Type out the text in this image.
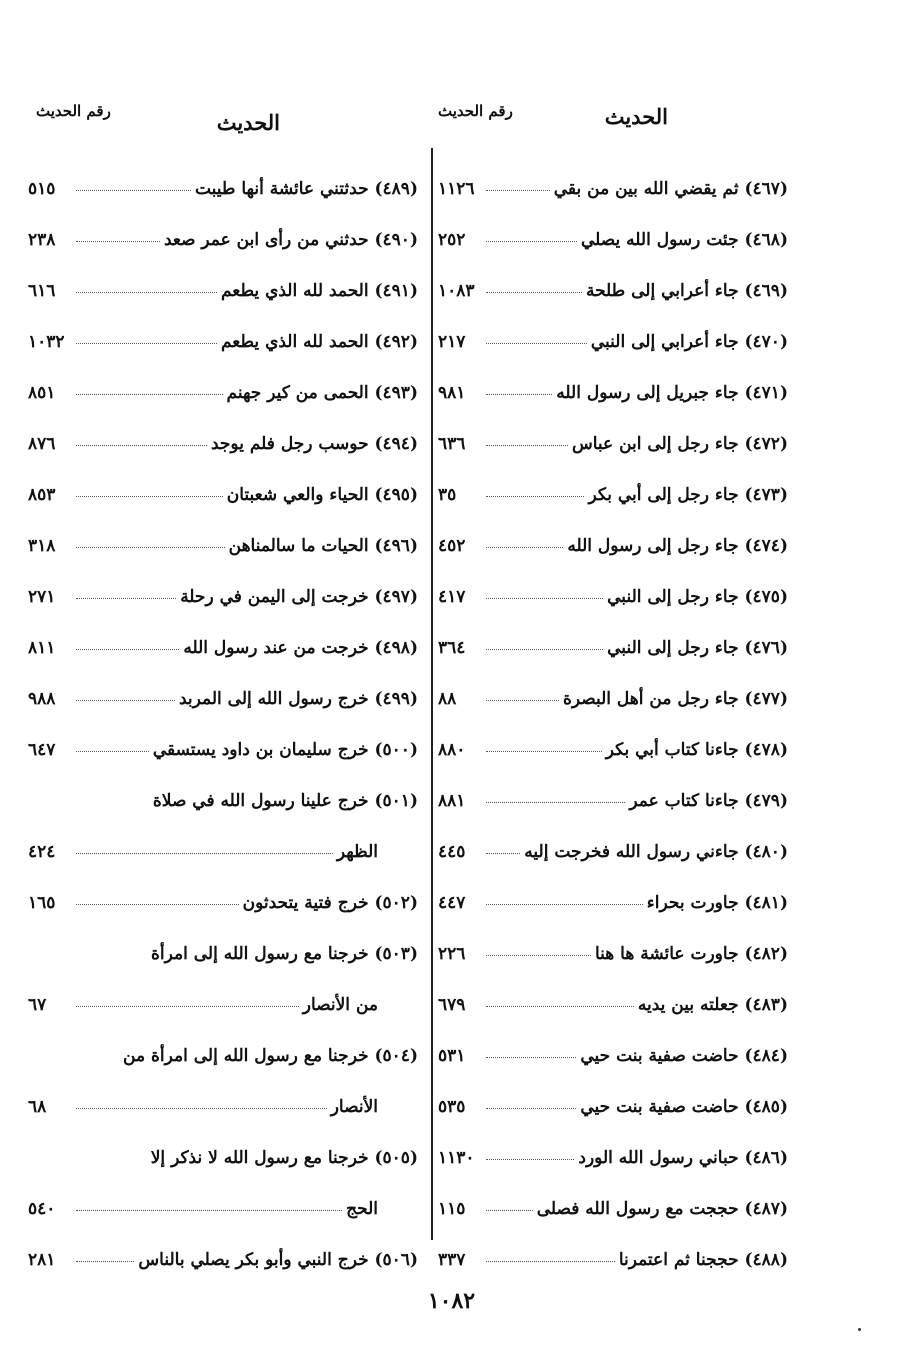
الحديث
رقم الحديث
(٤٦٧) ثم يقضي الله بين من بقي
١١٢٦
(٤٦٨) جئت رسول الله يصلي
٢٥٢
(٤٦٩) جاء أعرابي إلى طلحة
١٠٨٣
(٤٧٠) جاء أعرابي إلى النبي
٢١٧
(٤٧١) جاء جبريل إلى رسول الله
٩٨١
(٤٧٢) جاء رجل إلى ابن عباس
٦٣٦
(٤٧٣) جاء رجل إلى أبي بكر
٣٥
(٤٧٤) جاء رجل إلى رسول الله
٤٥٢
(٤٧٥) جاء رجل إلى النبي
٤١٧
(٤٧٦) جاء رجل إلى النبي
٣٦٤
(٤٧٧) جاء رجل من أهل البصرة
٨٨
(٤٧٨) جاءنا كتاب أبي بكر
٨٨٠
(٤٧٩) جاءنا كتاب عمر
٨٨١
(٤٨٠) جاءني رسول الله فخرجت إليه
٤٤٥
(٤٨١) جاورت بحراء
٤٤٧
(٤٨٢) جاورت عائشة ها هنا
٢٢٦
(٤٨٣) جعلته بين يديه
٦٧٩
(٤٨٤) حاضت صفية بنت حيي
٥٣١
(٤٨٥) حاضت صفية بنت حيي
٥٣٥
(٤٨٦) حباني رسول الله الورد
١١٣٠
(٤٨٧) حججت مع رسول الله فصلى
١١٥
(٤٨٨) حججنا ثم اعتمرنا
٣٣٧
الحديث
رقم الحديث
(٤٨٩) حدثتني عائشة أنها طيبت
٥١٥
(٤٩٠) حدثني من رأى ابن عمر صعد
٢٣٨
(٤٩١) الحمد لله الذي يطعم
٦١٦
(٤٩٢) الحمد لله الذي يطعم
١٠٣٢
(٤٩٣) الحمى من كير جهنم
٨٥١
(٤٩٤) حوسب رجل فلم يوجد
٨٧٦
(٤٩٥) الحياء والعي شعبتان
٨٥٣
(٤٩٦) الحيات ما سالمناهن
٣١٨
(٤٩٧) خرجت إلى اليمن في رحلة
٢٧١
(٤٩٨) خرجت من عند رسول الله
٨١١
(٤٩٩) خرج رسول الله إلى المربد
٩٨٨
(٥٠٠) خرج سليمان بن داود يستسقي
٦٤٧
(٥٠١) خرج علينا رسول الله في صلاة
الظهر
٤٢٤
(٥٠٢) خرج فتية يتحدثون
١٦٥
(٥٠٣) خرجنا مع رسول الله إلى امرأة
من الأنصار
٦٧
(٥٠٤) خرجنا مع رسول الله إلى امرأة من
الأنصار
٦٨
(٥٠٥) خرجنا مع رسول الله لا نذكر إلا
الحج
٥٤٠
(٥٠٦) خرج النبي وأبو بكر يصلي بالناس
٢٨١
١٠٨٢
